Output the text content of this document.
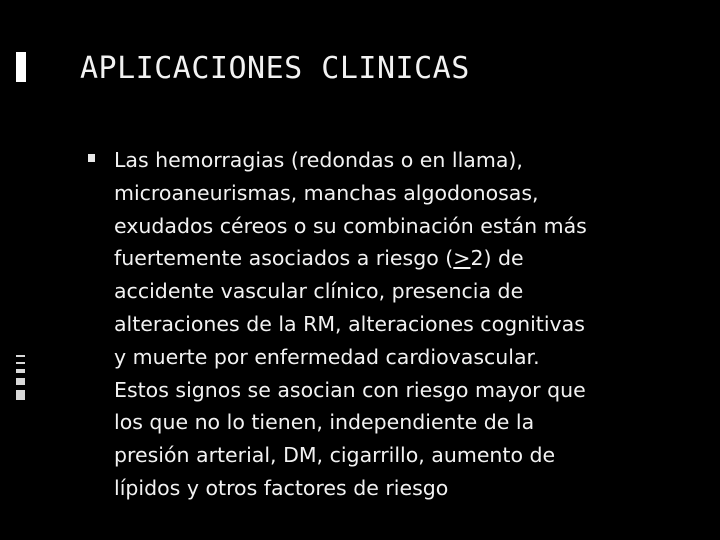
APLICACIONES CLINICAS

Las hemorragias (redondas o en llama),
microaneurismas, manchas algodonosas,
exudados céreos o su combinación están más
fuertemente asociados a riesgo (≥2) de
accidente vascular clínico, presencia de
alteraciones de la RM, alteraciones cognitivas
y muerte por enfermedad cardiovascular.
Estos signos se asocian con riesgo mayor que
los que no lo tienen, independiente de la
presión arterial, DM, cigarrillo, aumento de
lípidos y otros factores de riesgo
